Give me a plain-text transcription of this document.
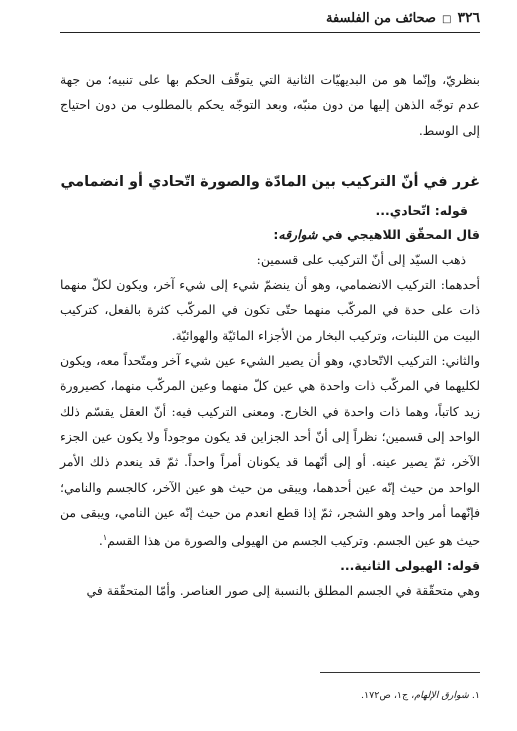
٣٢٦
□
صحائف من الفلسفة

بنظريّ، وإنّما هو من البديهيّات الثانية التي يتوقّف الحكم بها على تنبيه؛ من جهة عدم توجّه الذهن إليها من دون منبّه، وبعد التوجّه يحكم بالمطلوب من دون احتياج إلى الوسط.

غرر في أنّ التركيب بين المادّة والصورة اتّحادي أو انضمامي

قوله: اتّحادي...

قال المحقّق اللاهيجي في شوارقه:

ذهب السيّد إلى أنّ التركيب على قسمين:

أحدهما: التركيب الانضمامي، وهو أن ينضمّ شيء إلى شيء آخر، ويكون لكلّ منهما ذات على حدة في المركّب منهما حتّى تكون في المركّب كثرة بالفعل، كتركيب البيت من اللبنات، وتركيب البخار من الأجزاء المائيّة والهوائيّة.

والثاني: التركيب الاتّحادي، وهو أن يصير الشيء عين شيء آخر ومتّحداً معه، ويكون لكليهما في المركّب ذات واحدة هي عين كلّ منهما وعين المركّب منهما، كصيرورة زيد كاتباً، وهما ذات واحدة في الخارج. ومعنى التركيب فيه: أنّ العقل يقسّم ذلك الواحد إلى قسمين؛ نظراً إلى أنّ أحد الجزاين قد يكون موجوداً ولا يكون عين الجزء الآخر، ثمّ يصير عينه. أو إلى أنّهما قد يكونان أمراً واحداً. ثمّ قد ينعدم ذلك الأمر الواحد من حيث إنّه عين أحدهما، ويبقى من حيث هو عين الآخر، كالجسم والنامي؛ فإنّهما أمر واحد وهو الشجر، ثمّ إذا قطع انعدم من حيث إنّه عين النامي، ويبقى من حيث هو عين الجسم. وتركيب الجسم من الهيولى والصورة من هذا القسم$^١$.

قوله: الهيولى الثانية...

وهي متحقّقة في الجسم المطلق بالنسبة إلى صور العناصر. وأمّا المتحقّقة في

١. شوارق الإلهام، ج١، ص١٧٢.
